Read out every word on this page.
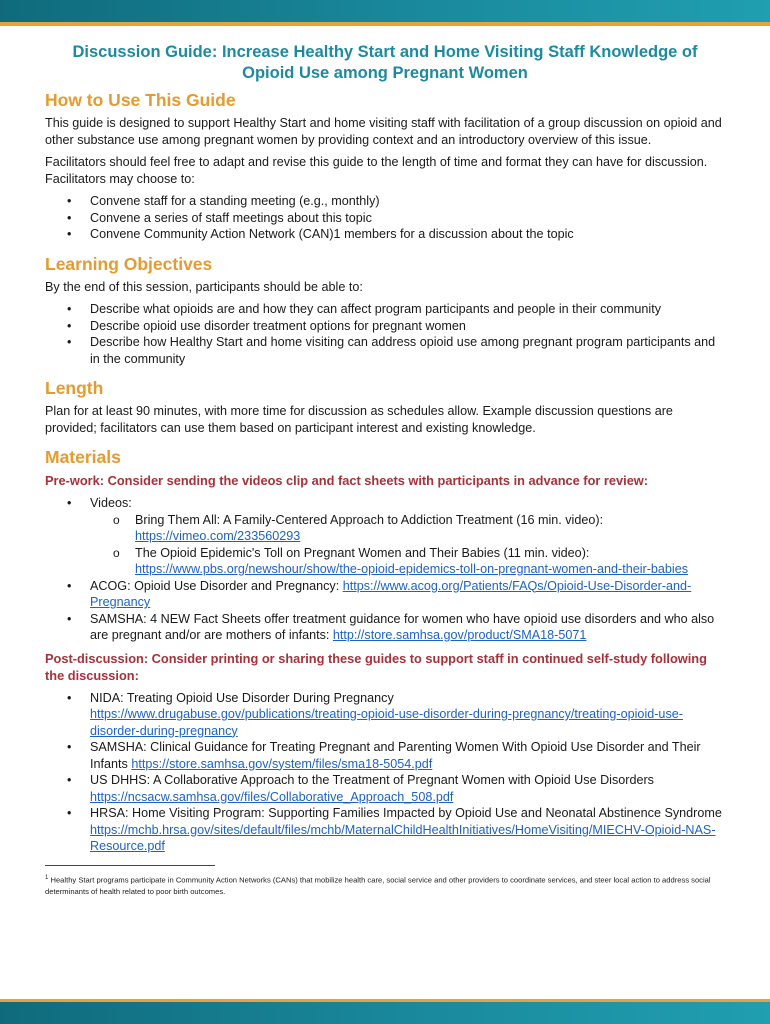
Discussion Guide: Increase Healthy Start and Home Visiting Staff Knowledge of Opioid Use among Pregnant Women
How to Use This Guide

This guide is designed to support Healthy Start and home visiting staff with facilitation of a group discussion on opioid and other substance use among pregnant women by providing context and an introductory overview of this issue.

Facilitators should feel free to adapt and revise this guide to the length of time and format they can have for discussion. Facilitators may choose to:

• Convene staff for a standing meeting (e.g., monthly)
• Convene a series of staff meetings about this topic
• Convene Community Action Network (CAN)1 members for a discussion about the topic
Learning Objectives

By the end of this session, participants should be able to:

• Describe what opioids are and how they can affect program participants and people in their community
• Describe opioid use disorder treatment options for pregnant women
• Describe how Healthy Start and home visiting can address opioid use among pregnant program participants and in the community
Length

Plan for at least 90 minutes, with more time for discussion as schedules allow. Example discussion questions are provided; facilitators can use them based on participant interest and existing knowledge.

Materials
Pre-work: Consider sending the videos clip and fact sheets with participants in advance for review:
• Videos:
o Bring Them All: A Family-Centered Approach to Addiction Treatment (16 min. video):
https://vimeo.com/233560293
o The Opioid Epidemic's Toll on Pregnant Women and Their Babies (11 min. video):
https://www.pbs.org/newshour/show/the-opioid-epidemics-toll-on-pregnant-women-and-their-babies
• ACOG: Opioid Use Disorder and Pregnancy: https://www.acog.org/Patients/FAQs/Opioid-Use-Disorder-and-Pregnancy
• SAMSHA: 4 NEW Fact Sheets offer treatment guidance for women who have opioid use disorders and who also are pregnant and/or are mothers of infants: http://store.samhsa.gov/product/SMA18-5071
Post-discussion: Consider printing or sharing these guides to support staff in continued self-study following the discussion:
• NIDA: Treating Opioid Use Disorder During Pregnancy
https://www.drugabuse.gov/publications/treating-opioid-use-disorder-during-pregnancy/treating-opioid-use-disorder-during-pregnancy
• SAMSHA: Clinical Guidance for Treating Pregnant and Parenting Women With Opioid Use Disorder and Their Infants https://store.samhsa.gov/system/files/sma18-5054.pdf
• US DHHS: A Collaborative Approach to the Treatment of Pregnant Women with Opioid Use Disorders
https://ncsacw.samhsa.gov/files/Collaborative_Approach_508.pdf
• HRSA: Home Visiting Program: Supporting Families Impacted by Opioid Use and Neonatal Abstinence Syndrome
https://mchb.hrsa.gov/sites/default/files/mchb/MaternalChildHealthInitiatives/HomeVisiting/MIECHV-Opioid-NAS-Resource.pdf
$^1$ Healthy Start programs participate in Community Action Networks (CANs) that mobilize health care, social service and other providers to coordinate services, and steer local action to address social determinants of health related to poor birth outcomes.
